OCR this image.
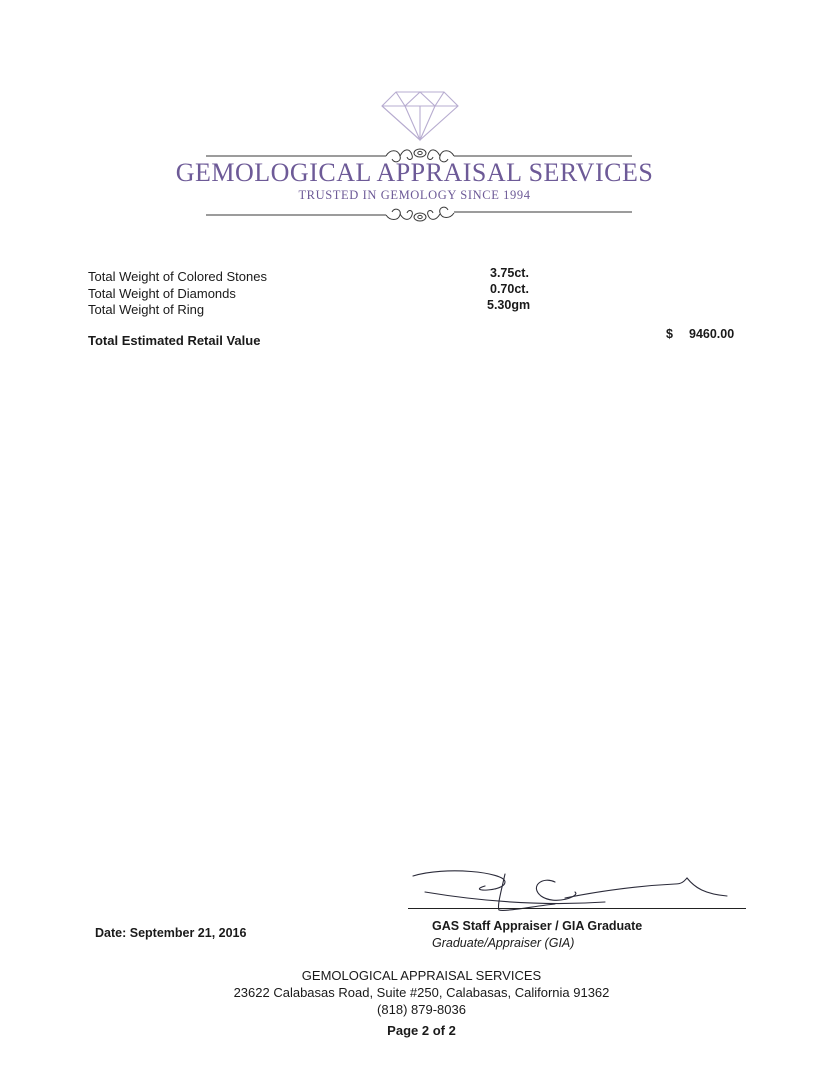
GEMOLOGICAL APPRAISAL SERVICES
TRUSTED IN GEMOLOGY SINCE 1994
Total Weight of Colored Stones
Total Weight of Diamonds
Total Weight of Ring
3.75ct.
0.70ct.
5.30gm
Total Estimated Retail Value	$ 9460.00
GAS Staff Appraiser / GIA Graduate
Graduate/Appraiser (GIA)
Date: September 21, 2016
GEMOLOGICAL APPRAISAL SERVICES
23622 Calabasas Road, Suite #250, Calabasas, California 91362
(818) 879-8036
Page 2 of 2
